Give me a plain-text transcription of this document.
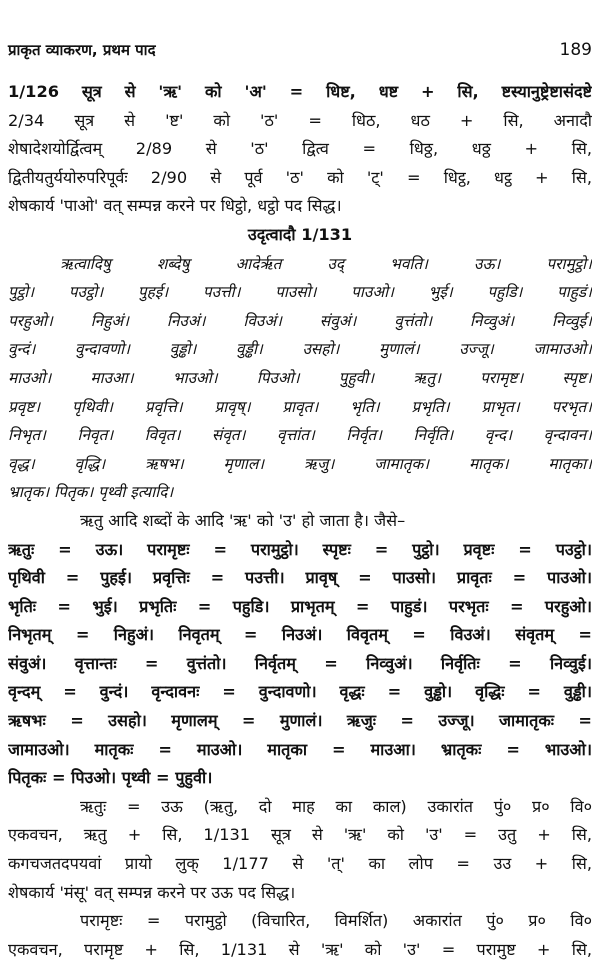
प्राकृत व्याकरण, प्रथम पाद	189
1/126 सूत्र से 'ऋ' को 'अ' = धिष्ट, धष्ट + सि, ष्टस्यानुष्ट्रेष्टासंदष्टे
2/34 सूत्र से 'ष्ट' को 'ठ' = धिठ, धठ + सि, अनादौ
शेषादेशयोर्द्वित्वम् 2/89 से 'ठ' द्वित्व = धिठ्ठ, धठ्ठ + सि,
द्वितीयतुर्ययोरुपरिपूर्वः 2/90 से पूर्व 'ठ' को 'ट्' = धिट्ठ, धट्ठ + सि,
शेषकार्य 'पाओ' वत् सम्पन्न करने पर धिट्ठो, धट्ठो पद सिद्ध।
उदृत्वादौ 1/131
ऋत्वादिषु शब्देषु आदेर्ऋत उद् भवति। उऊ। परामुट्ठो।
पुट्ठो। पउट्ठो। पुहई। पउत्ती। पाउसो। पाउओ। भुई। पहुडि। पाहुडं।
परहुओ। निहुअं। निउअं। विउअं। संवुअं। वुत्तंतो। निव्वुअं। निव्वुई।
वुन्दं। वुन्दावणो। वुड्ढो। वुड्ढी। उसहो। मुणालं। उज्जू। जामाउओ।
माउओ। माउआ। भाउओ। पिउओ। पुहुवी। ऋतु। परामृष्ट। स्पृष्ट।
प्रवृष्ट। पृथिवी। प्रवृत्ति। प्रावृष्। प्रावृत। भृति। प्रभृति। प्राभृत। परभृत।
निभृत। निवृत। विवृत। संवृत। वृत्तांत। निर्वृत। निर्वृति। वृन्द। वृन्दावन।
वृद्ध। वृद्धि। ऋषभ। मृणाल। ऋजु। जामातृक। मातृक। मातृका।
भ्रातृक। पितृक। पृथ्वी इत्यादि।
ऋतु आदि शब्दों के आदि 'ऋ' को 'उ' हो जाता है। जैसे–
ऋतुः = उऊ। परामृष्टः = परामुट्ठो। स्पृष्टः = पुट्ठो। प्रवृष्टः = पउट्ठो।
पृथिवी = पुहई। प्रवृत्तिः = पउत्ती। प्रावृष् = पाउसो। प्रावृतः = पाउओ।
भृतिः = भुई। प्रभृतिः = पहुडि। प्राभृतम् = पाहुडं। परभृतः = परहुओ।
निभृतम् = निहुअं। निवृतम् = निउअं। विवृतम् = विउअं। संवृतम् =
संवुअं। वृत्तान्तः = वुत्तंतो। निर्वृतम् = निव्वुअं। निर्वृतिः = निव्वुई।
वृन्दम् = वुन्दं। वृन्दावनः = वुन्दावणो। वृद्धः = वुड्ढो। वृद्धिः = वुड्ढी।
ऋषभः = उसहो। मृणालम् = मुणालं। ऋजुः = उज्जू। जामातृकः =
जामाउओ। मातृकः = माउओ। मातृका = माउआ। भ्रातृकः = भाउओ।
पितृकः = पिउओ। पृथ्वी = पुहुवी।
ऋतुः = उऊ (ऋतु, दो माह का काल) उकारांत पुं० प्र० वि०
एकवचन, ऋतु + सि, 1/131 सूत्र से 'ऋ' को 'उ' = उतु + सि,
कगचजतदपयवां प्रायो लुक् 1/177 से 'त्' का लोप = उउ + सि,
शेषकार्य 'मंसू' वत् सम्पन्न करने पर उऊ पद सिद्ध।
परामृष्टः = परामुट्ठो (विचारित, विमर्शित) अकारांत पुं० प्र० वि०
एकवचन, परामृष्ट + सि, 1/131 से 'ऋ' को 'उ' = परामुष्ट + सि,
